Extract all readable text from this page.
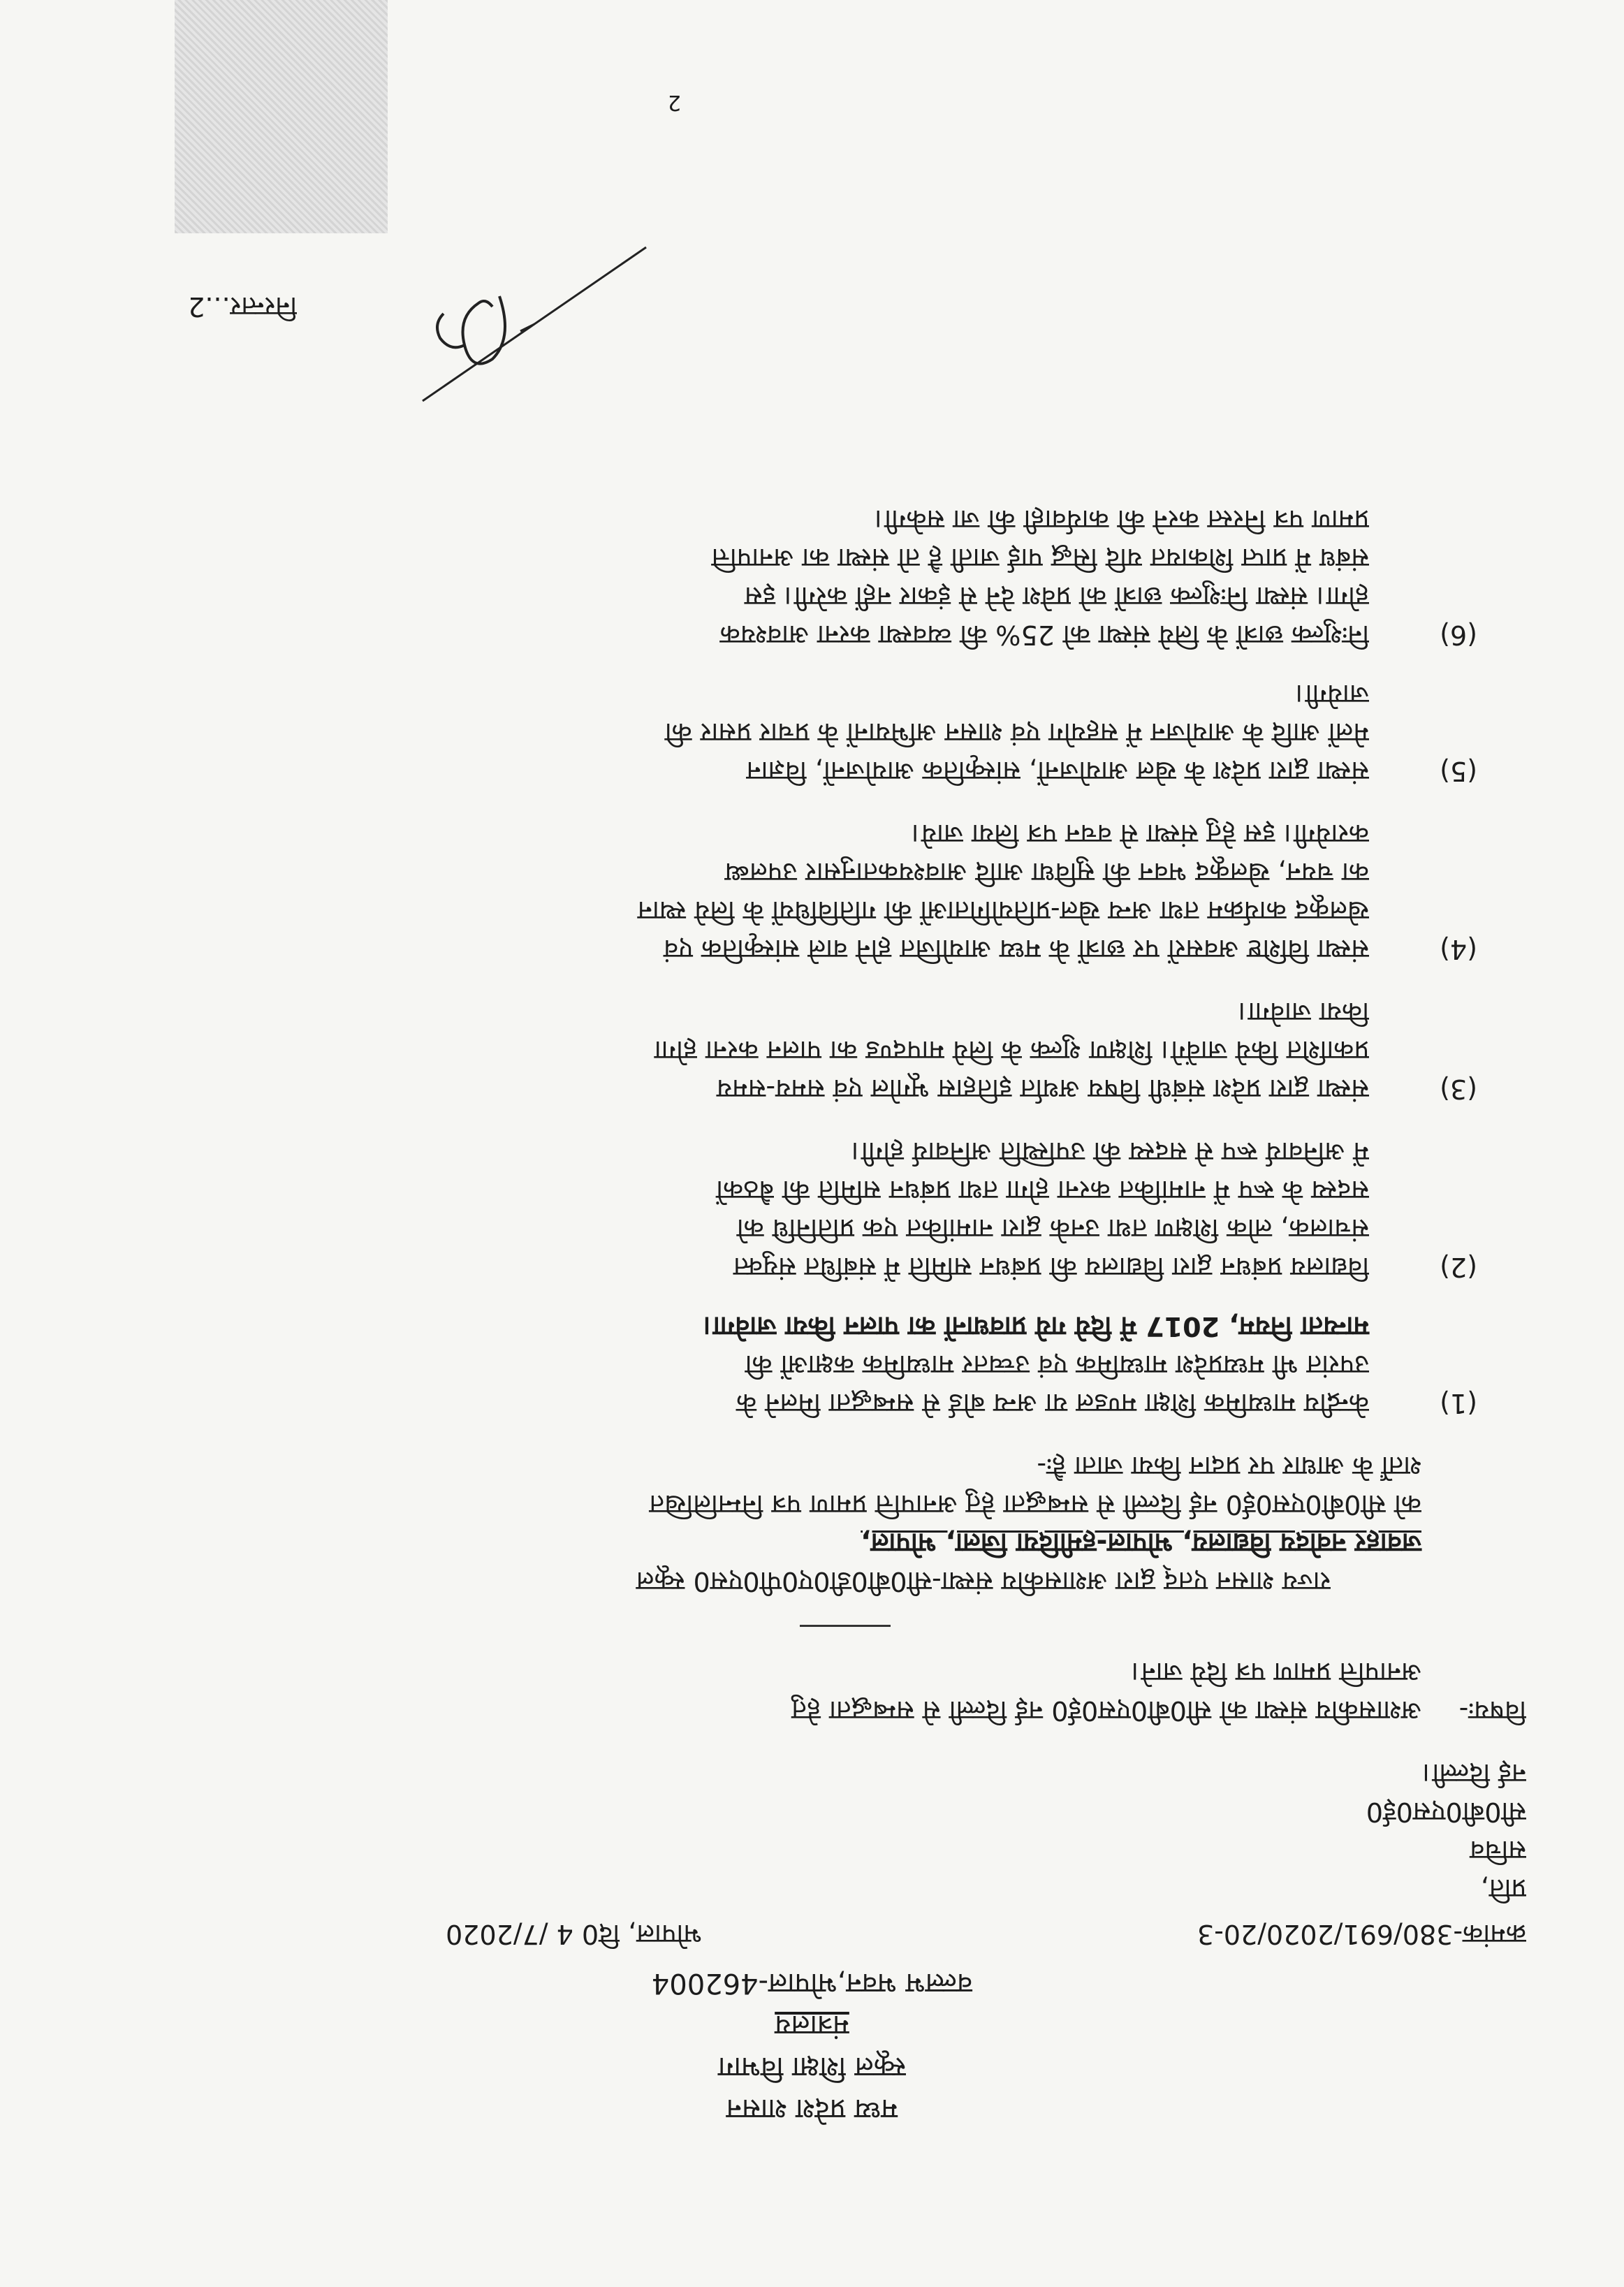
मध्य प्रदेश शासन
स्कूल शिक्षा विभाग
मंत्रालय
वल्लभ भवन,भोपाल-462004
क्रमांक-380/691/2020/20-3
भोपाल, दि0 4 /7/2020
प्रति,
सचिव
सी0बी0एस0ई0
नई दिल्ली।
विषयः-
अशासकीय संस्था को सी0बी0एस0ई0 नई दिल्ली से सम्बद्धता हेतु
अनापत्ति प्रमाण पत्र दिये जाने।
राज्य शासन एतद् द्वारा अशासकीय संस्था-सी0बी0डी0ए0पी0एस0 स्कूल
जवाहर नवोदय विद्यालय, भोपाल-हमीदिया जिला, भोपाल,
को सी0बी0एस0ई0 नई दिल्ली से सम्बद्धता हेतु अनापत्ति प्रमाण पत्र निम्नलिखित
शर्तों के आधार पर प्रदान किया जाता हैः-
(1)
केन्द्रीय माध्यमिक शिक्षा मण्डल या अन्य बोर्ड से सम्बद्धता मिलने के
उपरांत भी मध्यप्रदेश माध्यमिक एवं उच्चतर माध्यमिक कक्षाओं की
मान्यता नियम, 2017 में दिये गये प्रावधानों का पालन किया जावेगा।
(2)
विद्यालय प्रबंधन द्वारा विद्यालय की प्रबंधन समिति में संबंधित संयुक्त
संचालक, लोक शिक्षण तथा उनके द्वारा नामांकित एक प्रतिनिधि को
सदस्य के रूप में नामांकित करना होगा तथा प्रबंधन समिति की बैठकों
में अनिवार्य रूप से सदस्य की उपस्थिति अनिवार्य होगी।
(3)
संस्था द्वारा प्रदेश संबंधी विषय अर्थात इतिहास भूगोल एवं समय-समय
प्रकाशित किये जावेंगे। शिक्षण शुल्क के लिये मापदण्ड का पालन करना होगा
किया जावेगा।
(4)
संस्था विशिष्ट अवसरों पर छात्रों के मध्य आयोजित होने वाले सांस्कृतिक एवं
खेलकूद कार्यक्रम तथा अन्य खेल-प्रतियोगिताओं की गतिविधियों के लिये स्थान
का चयन, खेलकूद भवन की सुविधा आदि आवश्यकतानुसार उपलब्ध
करायेगी। इस हेतु संस्था से वचन पत्र लिया जाये।
(5)
संस्था द्वारा प्रदेश के खेल आयोजनों, सांस्कृतिक आयोजनों, विज्ञान
मेलों आदि के आयोजन में सहयोग एवं शासन अभियानों के प्रचार प्रसार की
जायेगी।
(6)
निःशुल्क छात्रों के लिये संस्था को 25% की व्यवस्था करना आवश्यक
होगा। संस्था निःशुल्क छात्रों को प्रवेश देने से इंकार नहीं करेगी। इस
संबंध में प्राप्त शिकायत यदि सिद्ध पाई जाती है तो संस्था का अनापत्ति
प्रमाण पत्र निरस्त करने की कार्यवाही की जा सकेगी।
निरन्तर...2
2
